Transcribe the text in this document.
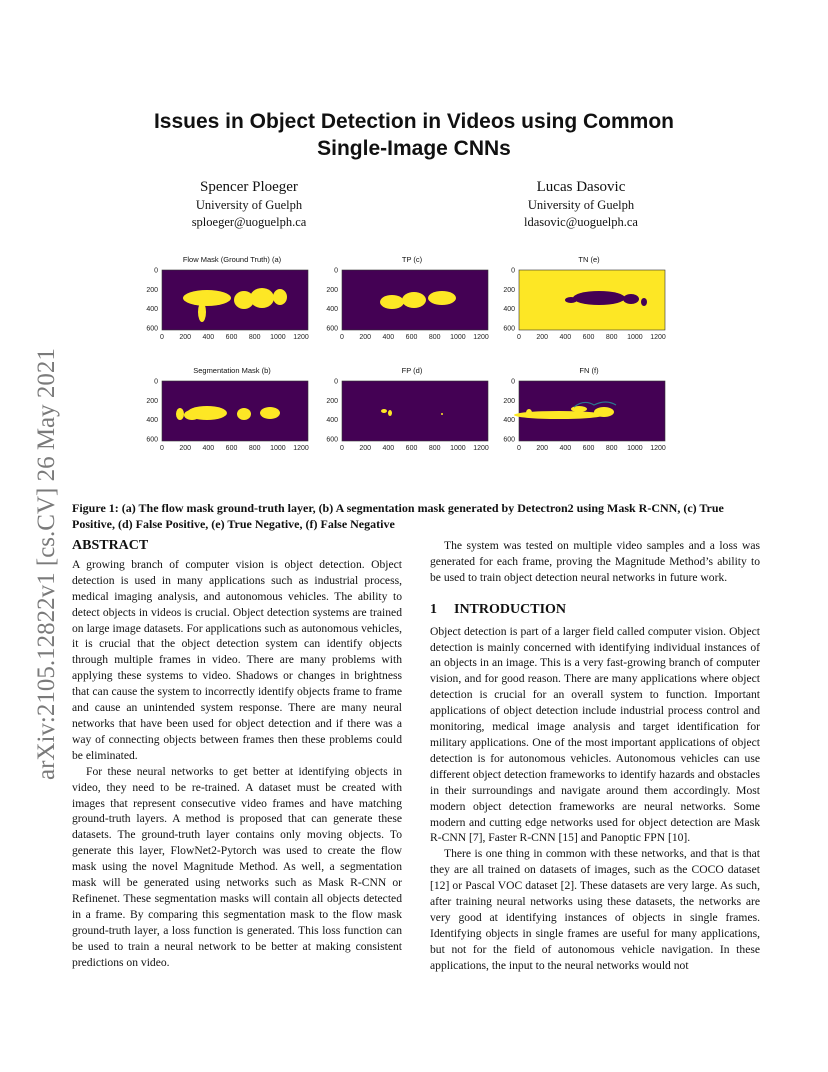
arXiv:2105.12822v1 [cs.CV] 26 May 2021
Issues in Object Detection in Videos using Common
Single-Image CNNs
Spencer Ploeger
University of Guelph
sploeger@uoguelph.ca
Lucas Dasovic
University of Guelph
ldasovic@uoguelph.ca
Flow Mask (Ground Truth) (a)
0
200
400
600
0 200 400 600 800 1000 1200
TP (c)
0
200
400
600
0 200 400 600 800 1000 1200
TN (e)
0
200
400
600
0 200 400 600 800 1000 1200
Segmentation Mask (b)
0
200
400
600
0 200 400 600 800 1000 1200
FP (d)
0
200
400
600
0 200 400 600 800 1000 1200
FN (f)
0
200
400
600
0 200 400 600 800 1000 1200

Figure 1: (a) The flow mask ground-truth layer, (b) A segmentation mask generated by Detectron2 using Mask R-CNN, (c) True Positive, (d) False Positive, (e) True Negative, (f) False Negative

ABSTRACT

A growing branch of computer vision is object detection. Object detection is used in many applications such as industrial process, medical imaging analysis, and autonomous vehicles. The ability to detect objects in videos is crucial. Object detection systems are trained on large image datasets. For applications such as autonomous vehicles, it is crucial that the object detection system can identify objects through multiple frames in video. There are many problems with applying these systems to video. Shadows or changes in brightness that can cause the system to incorrectly identify objects frame to frame and cause an unintended system response. There are many neural networks that have been used for object detection and if there was a way of connecting objects between frames then these problems could be eliminated.

For these neural networks to get better at identifying objects in video, they need to be re-trained. A dataset must be created with images that represent consecutive video frames and have matching ground-truth layers. A method is proposed that can generate these datasets. The ground-truth layer contains only moving objects. To generate this layer, FlowNet2-Pytorch was used to create the flow mask using the novel Magnitude Method. As well, a segmentation mask will be generated using networks such as Mask R-CNN or Refinenet. These segmentation masks will contain all objects detected in a frame. By comparing this segmentation mask to the flow mask ground-truth layer, a loss function is generated. This loss function can be used to train a neural network to be better at making consistent predictions on video.

The system was tested on multiple video samples and a loss was generated for each frame, proving the Magnitude Method’s ability to be used to train object detection neural networks in future work.

1 INTRODUCTION

Object detection is part of a larger field called computer vision. Object detection is mainly concerned with identifying individual instances of an objects in an image. This is a very fast-growing branch of computer vision, and for good reason. There are many applications where object detection is crucial for an overall system to function. Important applications of object detection include industrial process control and monitoring, medical image analysis and target identification for military applications. One of the most important applications of object detection is for autonomous vehicles. Autonomous vehicles can use different object detection frameworks to identify hazards and obstacles in their surroundings and navigate around them accordingly. Most modern object detection frameworks are neural networks. Some modern and cutting edge networks used for object detection are Mask R-CNN [7], Faster R-CNN [15] and Panoptic FPN [10].

There is one thing in common with these networks, and that is that they are all trained on datasets of images, such as the COCO dataset [12] or Pascal VOC dataset [2]. These datasets are very large. As such, after training neural networks using these datasets, the networks are very good at identifying instances of objects in single frames. Identifying objects in single frames are useful for many applications, but not for the field of autonomous vehicle navigation. In these applications, the input to the neural networks would not
